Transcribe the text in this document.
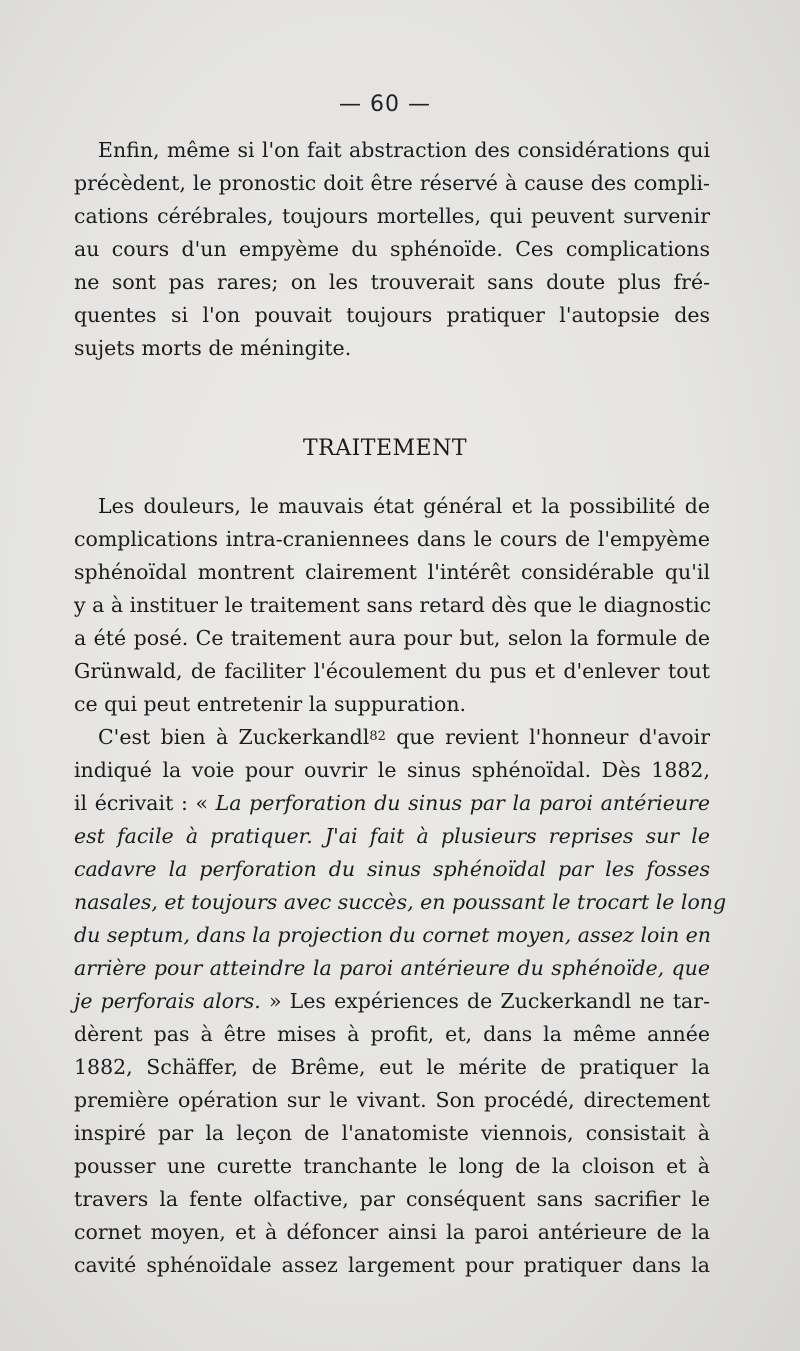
— 60 —
Enfin, même si l'on fait abstraction des considérations qui
précèdent, le pronostic doit être réservé à cause des compli-
cations cérébrales, toujours mortelles, qui peuvent survenir
au cours d'un empyème du sphénoïde. Ces complications
ne sont pas rares; on les trouverait sans doute plus fré-
quentes si l'on pouvait toujours pratiquer l'autopsie des
sujets morts de méningite.
TRAITEMENT
Les douleurs, le mauvais état général et la possibilité de
complications intra-craniennees dans le cours de l'empyème
sphénoïdal montrent clairement l'intérêt considérable qu'il
y a à instituer le traitement sans retard dès que le diagnostic
a été posé. Ce traitement aura pour but, selon la formule de
Grünwald, de faciliter l'écoulement du pus et d'enlever tout
ce qui peut entretenir la suppuration.
C'est bien à Zuckerkandl$^{82}$ que revient l'honneur d'avoir
indiqué la voie pour ouvrir le sinus sphénoïdal. Dès 1882,
il écrivait : « La perforation du sinus par la paroi antérieure
est facile à pratiquer. J'ai fait à plusieurs reprises sur le
cadavre la perforation du sinus sphénoïdal par les fosses
nasales, et toujours avec succès, en poussant le trocart le long
du septum, dans la projection du cornet moyen, assez loin en
arrière pour atteindre la paroi antérieure du sphénoïde, que
je perforais alors. » Les expériences de Zuckerkandl ne tar-
dèrent pas à être mises à profit, et, dans la même année
1882, Schäffer, de Brême, eut le mérite de pratiquer la
première opération sur le vivant. Son procédé, directement
inspiré par la leçon de l'anatomiste viennois, consistait à
pousser une curette tranchante le long de la cloison et à
travers la fente olfactive, par conséquent sans sacrifier le
cornet moyen, et à défoncer ainsi la paroi antérieure de la
cavité sphénoïdale assez largement pour pratiquer dans la
